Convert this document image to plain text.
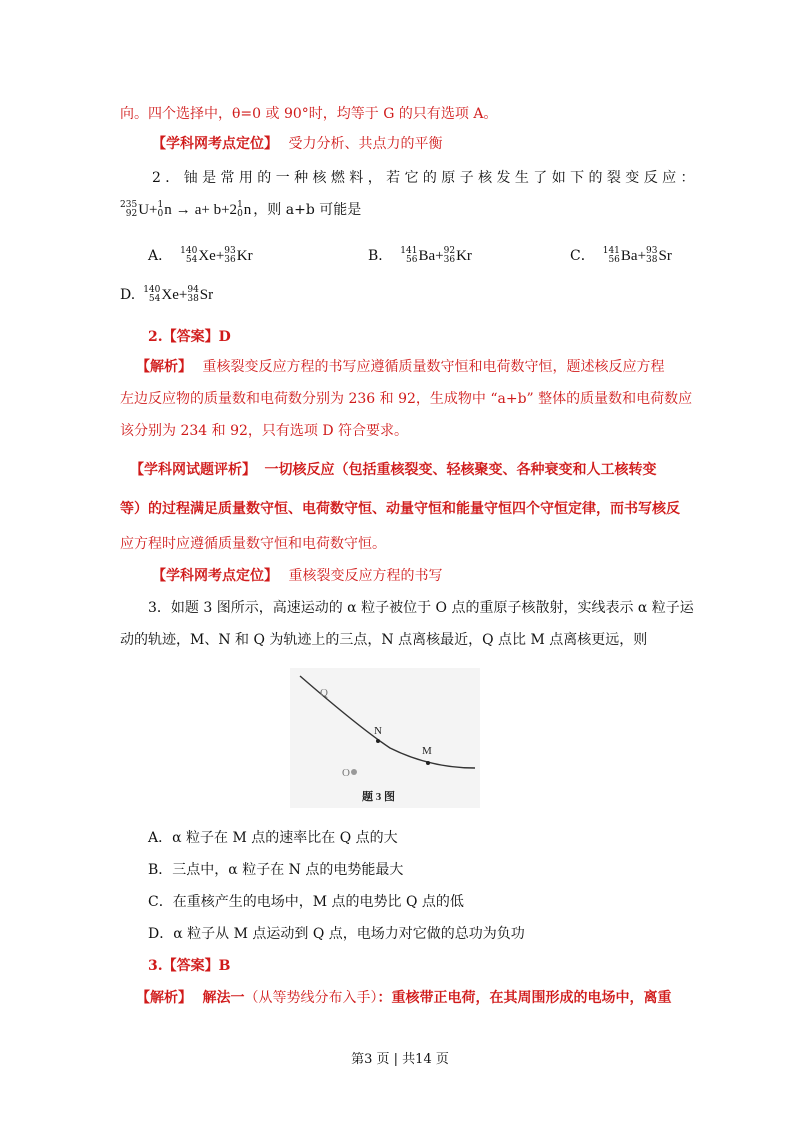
向。四个选择中，θ=0 或 90°时，均等于 G 的只有选项 A。
【学科网考点定位】 受力分析、共点力的平衡
2．铀是常用的一种核燃料，若它的原子核发生了如下的裂变反应：
235
92 U + 1
0 n → a+ b+2 1
0 n ，则 a+b 可能是
A． 140
54 Xe + 93
36 Kr	B． 141
56 Ba + 92
36 Kr	C． 141
56 Ba + 93
38 Sr
D. 140
54 Xe + 94
38 Sr
2.【答案】D
【解析】 重核裂变反应方程的书写应遵循质量数守恒和电荷数守恒，题述核反应方程
左边反应物的质量数和电荷数分别为 236 和 92，生成物中 “a+b” 整体的质量数和电荷数应
该分别为 234 和 92，只有选项 D 符合要求。
【学科网试题评析】 一切核反应（包括重核裂变、轻核聚变、各种衰变和人工核转变
等）的过程满足质量数守恒、电荷数守恒、动量守恒和能量守恒四个守恒定律，而书写核反
应方程时应遵循质量数守恒和电荷数守恒。
【学科网考点定位】 重核裂变反应方程的书写
3．如题 3 图所示，高速运动的 α 粒子被位于 O 点的重原子核散射，实线表示 α 粒子运
动的轨迹，M、N 和 Q 为轨迹上的三点，N 点离核最近，Q 点比 M 点离核更远，则
Q
N
M
O
题 3 图
A．α 粒子在 M 点的速率比在 Q 点的大
B．三点中，α 粒子在 N 点的电势能最大
C．在重核产生的电场中，M 点的电势比 Q 点的低
D．α 粒子从 M 点运动到 Q 点，电场力对它做的总功为负功
3.【答案】B
【解析】 解法一（从等势线分布入手）：重核带正电荷，在其周围形成的电场中，离重
第3 页 | 共14 页
